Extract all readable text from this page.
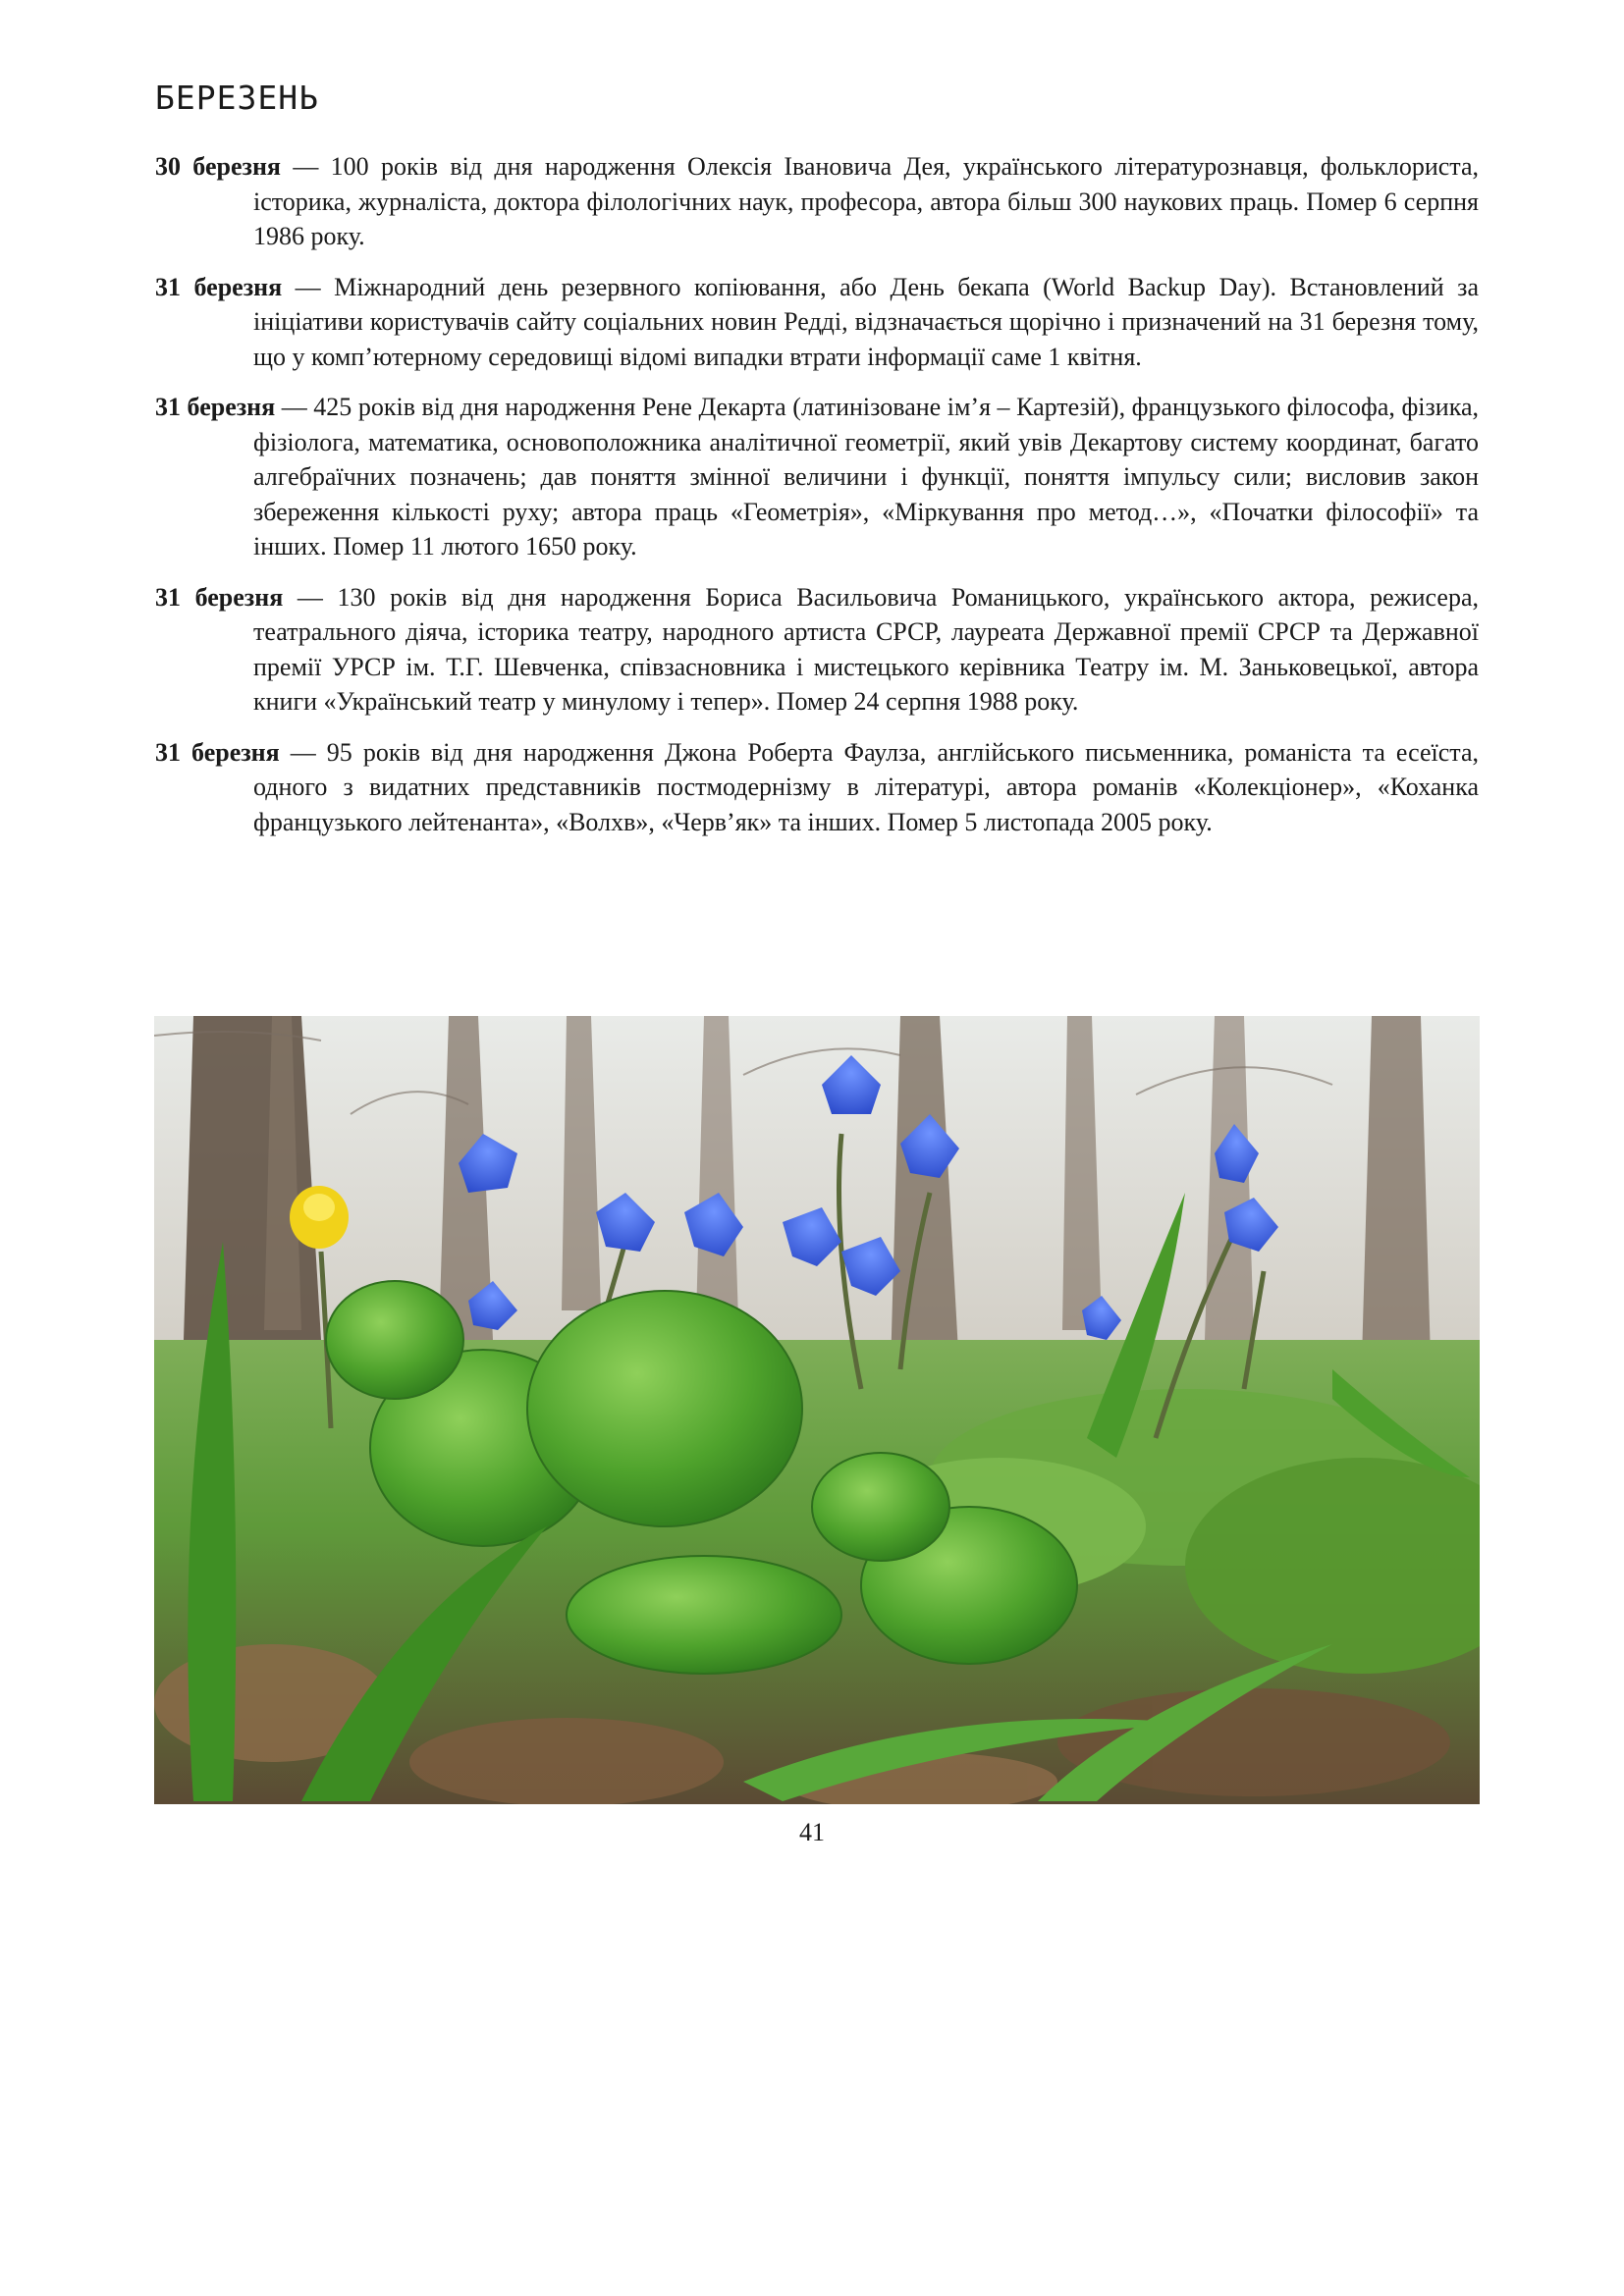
БЕРЕЗЕНЬ

30 березня — 100 років від дня народження Олексія Івановича Дея, українського літературознавця, фольклориста, історика, журналіста, доктора філологічних наук, професора, автора більш 300 наукових праць. Помер 6 серпня 1986 року.

31 березня — Міжнародний день резервного копіювання, або День бекапа (World Backup Day). Встановлений за ініціативи користувачів сайту соціальних новин Редді, відзначається щорічно і призначений на 31 березня тому, що у комп’ютерному середовищі відомі випадки втрати інформації саме 1 квітня.

31 березня — 425 років від дня народження Рене Декарта (латинізоване ім’я – Картезій), французького філософа, фізика, фізіолога, математика, основоположника аналітичної геометрії, який увів Декартову систему координат, багато алгебраїчних позначень; дав поняття змінної величини і функції, поняття імпульсу сили; висловив закон збереження кількості руху; автора праць «Геометрія», «Міркування про метод…», «Початки філософії» та інших. Помер 11 лютого 1650 року.

31 березня — 130 років від дня народження Бориса Васильовича Романицького, українського актора, режисера, театрального діяча, історика театру, народного артиста СРСР, лауреата Державної премії СРСР та Державної премії УРСР ім. Т.Г. Шевченка, співзасновника і мистецького керівника Театру ім. М. Заньковецької, автора книги «Український театр у минулому і тепер». Помер 24 серпня 1988 року.

31 березня — 95 років від дня народження Джона Роберта Фаулза, англійського письменника, романіста та есеїста, одного з видатних представників постмодернізму в літературі, автора романів «Колекціонер», «Коханка французького лейтенанта», «Волхв», «Черв’як» та інших. Помер 5 листопада 2005 року.

41
